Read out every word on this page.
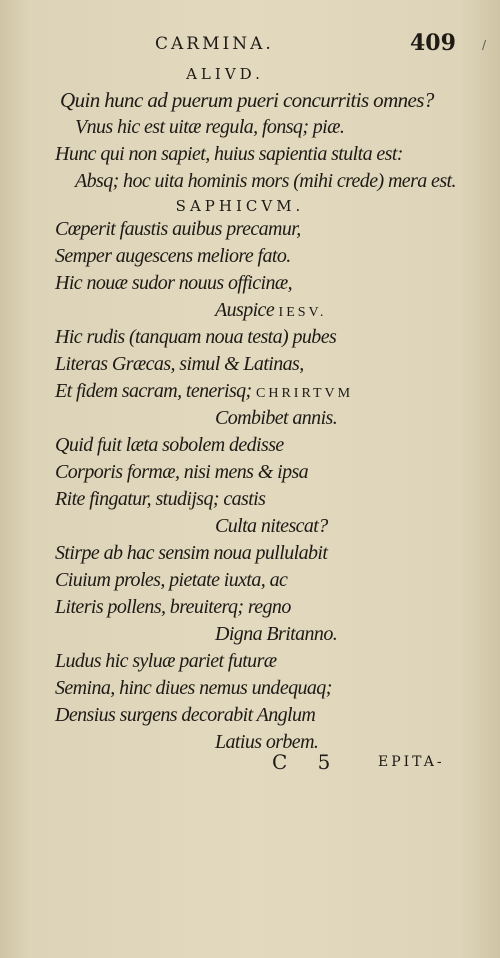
/
CARMINA.	409
ALIVD.
Quin hunc ad puerum pueri concurritis omnes?
Vnus hic est uitæ regula, fonsq; piæ.
Hunc qui non sapiet, huius sapientia stulta est:
Absq; hoc uita hominis mors (mihi crede) mera est.
SAPHICVM.
Cœperit faustis auibus precamur,
Semper augescens meliore fato.
Hic nouæ sudor nouus officinæ,
Auspice IESV.
Hic rudis (tanquam noua testa) pubes
Literas Græcas, simul & Latinas,
Et fidem sacram, tenerisq; CHRIRTVM
Combibet annis.
Quid fuit læta sobolem dedisse
Corporis formæ, nisi mens & ipsa
Rite fingatur, studijsq; castis
Culta nitescat?
Stirpe ab hac sensim noua pullulabit
Ciuium proles, pietate iuxta, ac
Literis pollens, breuiterq; regno
Digna Britanno.
Ludus hic syluæ pariet futuræ
Semina, hinc diues nemus undequaq;
Densius surgens decorabit Anglum
Latius orbem.
C 5	EPITA-
